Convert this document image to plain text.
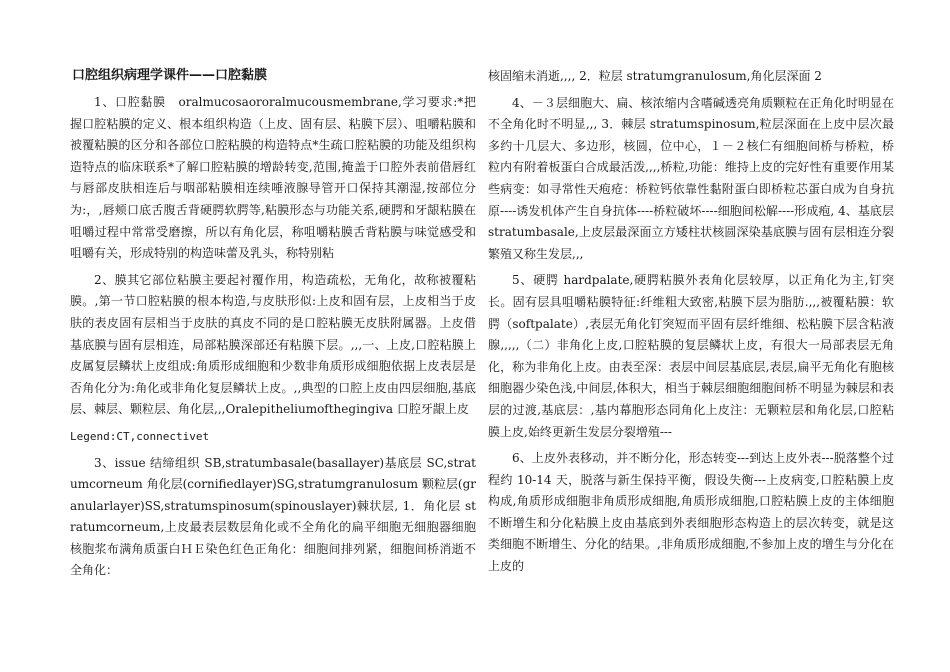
口腔组织病理学课件——口腔黏膜

1、口腔黏膜　oralmucosaororalmucousmembrane,学习要求:*把握口腔粘膜的定义、根本组织构造（上皮、固有层、粘膜下层）、咀嚼粘膜和被覆粘膜的区分和各部位口腔粘膜的构造特点*生疏口腔粘膜的功能及组织构造特点的临床联系*了解口腔粘膜的增龄转变,范围,掩盖于口腔外表前借唇红与唇部皮肤相连后与咽部粘膜相连续唾液腺导管开口保持其潮湿,按部位分为:，,唇颊口底舌腹舌背硬腭软腭等,粘膜形态与功能关系,硬腭和牙龈粘膜在咀嚼过程中常常受磨擦，所以有角化层，称咀嚼粘膜舌背粘膜与味觉感受和咀嚼有关，形成特别的构造味蕾及乳头，称特别粘

2、膜其它部位粘膜主要起衬覆作用，构造疏松，无角化，故称被覆粘膜。,第一节口腔粘膜的根本构造,与皮肤形似:上皮和固有层，上皮相当于皮肤的表皮固有层相当于皮肤的真皮不同的是口腔粘膜无皮肤附属器。上皮借基底膜与固有层相连，局部粘膜深部还有粘膜下层。,,,一、上皮,口腔粘膜上皮属复层鳞状上皮组成:角质形成细胞和少数非角质形成细胞依据上皮表层是否角化分为:角化或非角化复层鳞状上皮。,,典型的口腔上皮由四层细胞,基底层、棘层、颗粒层、角化层,,,Oralepitheliumofthegingiva 口腔牙龈上皮

Legend:CT,connectivet

3、issue 结缔组织 SB,stratumbasale(basallayer)基底层 SC,stratumcorneum 角化层(cornifiedlayer)SG,stratumgranulosum 颗粒层(granularlayer)SS,stratumspinosum(spinouslayer)棘状层, 1．角化层 stratumcorneum,上皮最表层数层角化或不全角化的扁平细胞无细胞器细胞核胞浆布满角质蛋白ＨＥ染色红色正角化：细胞间排列紧，细胞间桥消逝不全角化：

核固缩未消逝,,,, 2．粒层 stratumgranulosum,角化层深面 2

4、－３层细胞大、扁、核浓缩内含嗜碱透亮角质颗粒在正角化时明显在不全角化时不明显,,, 3．棘层 stratumspinosum,粒层深面在上皮中层次最多约十几层大、多边形，核圆，位中心，１－２核仁有细胞间桥与桥粒，桥粒内有附着板蛋白合成最活泼,,,,桥粒,功能：维持上皮的完好性有重要作用某些病变：如寻常性天疱疮：桥粒钙依靠性黏附蛋白即桥粒芯蛋白成为自身抗原----诱发机体产生自身抗体----桥粒破坏----细胞间松解----形成疱, 4、基底层 stratumbasale,上皮层最深面立方矮柱状核圆深染基底膜与固有层相连分裂繁殖又称生发层,,,

5、硬腭 hardpalate,硬腭粘膜外表角化层较厚，以正角化为主,钉突长。固有层具咀嚼粘膜特征:纤维粗大致密,粘膜下层为脂肪.,,,被覆粘膜：软腭（softpalate）,表层无角化钉突短而平固有层纤维细、松粘膜下层含粘液腺,,,,,（二）非角化上皮,口腔粘膜的复层鳞状上皮，有很大一局部表层无角化，称为非角化上皮。由表至深：表层中间层基底层,表层,扁平无角化有胞核细胞器少染色浅,中间层,体积大，相当于棘层细胞细胞间桥不明显为棘层和表层的过渡,基底层：,基内幕胞形态同角化上皮注：无颗粒层和角化层,口腔粘膜上皮,始终更新生发层分裂增殖---

6、上皮外表移动，并不断分化，形态转变---到达上皮外表---脱落整个过程约 10-14 天，脱落与新生保持平衡，假设失衡---上皮病变,口腔粘膜上皮构成,角质形成细胞非角质形成细胞,角质形成细胞,口腔粘膜上皮的主体细胞不断增生和分化粘膜上皮由基底到外表细胞形态构造上的层次转变，就是这类细胞不断增生、分化的结果。,非角质形成细胞,不参加上皮的增生与分化在上皮的
